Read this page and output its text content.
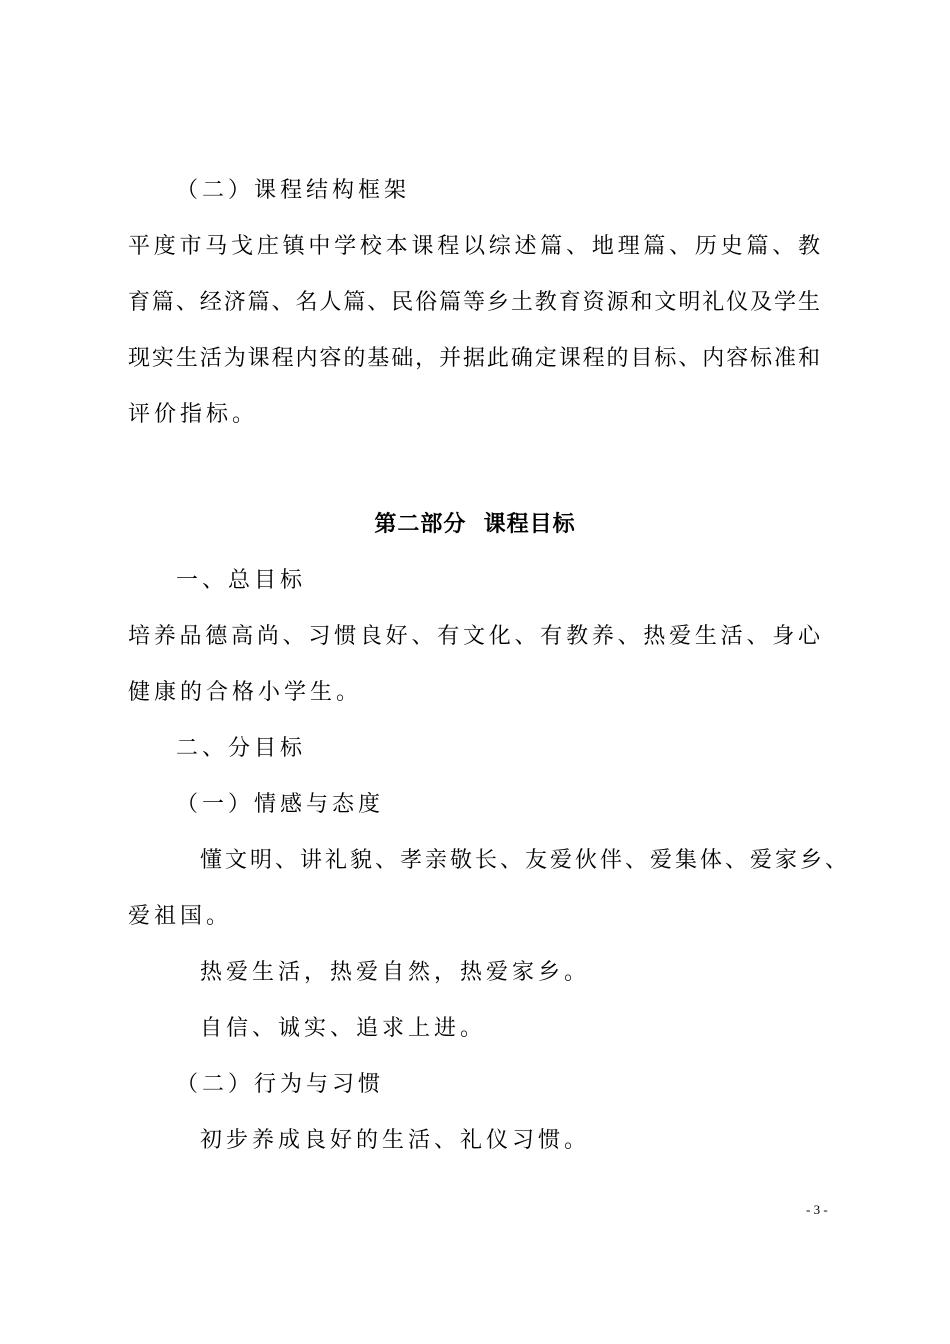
（二）课程结构框架
平度市马戈庄镇中学校本课程以综述篇、地理篇、历史篇、教
育篇、经济篇、名人篇、民俗篇等乡土教育资源和文明礼仪及学生
现实生活为课程内容的基础，并据此确定课程的目标、内容标准和
评价指标。
第二部分  课程目标
一、总目标
培养品德高尚、习惯良好、有文化、有教养、热爱生活、身心
健康的合格小学生。
二、分目标
（一）情感与态度
懂文明、讲礼貌、孝亲敬长、友爱伙伴、爱集体、爱家乡、
爱祖国。
热爱生活，热爱自然，热爱家乡。
自信、诚实、追求上进。
（二）行为与习惯
初步养成良好的生活、礼仪习惯。
- 3 -
